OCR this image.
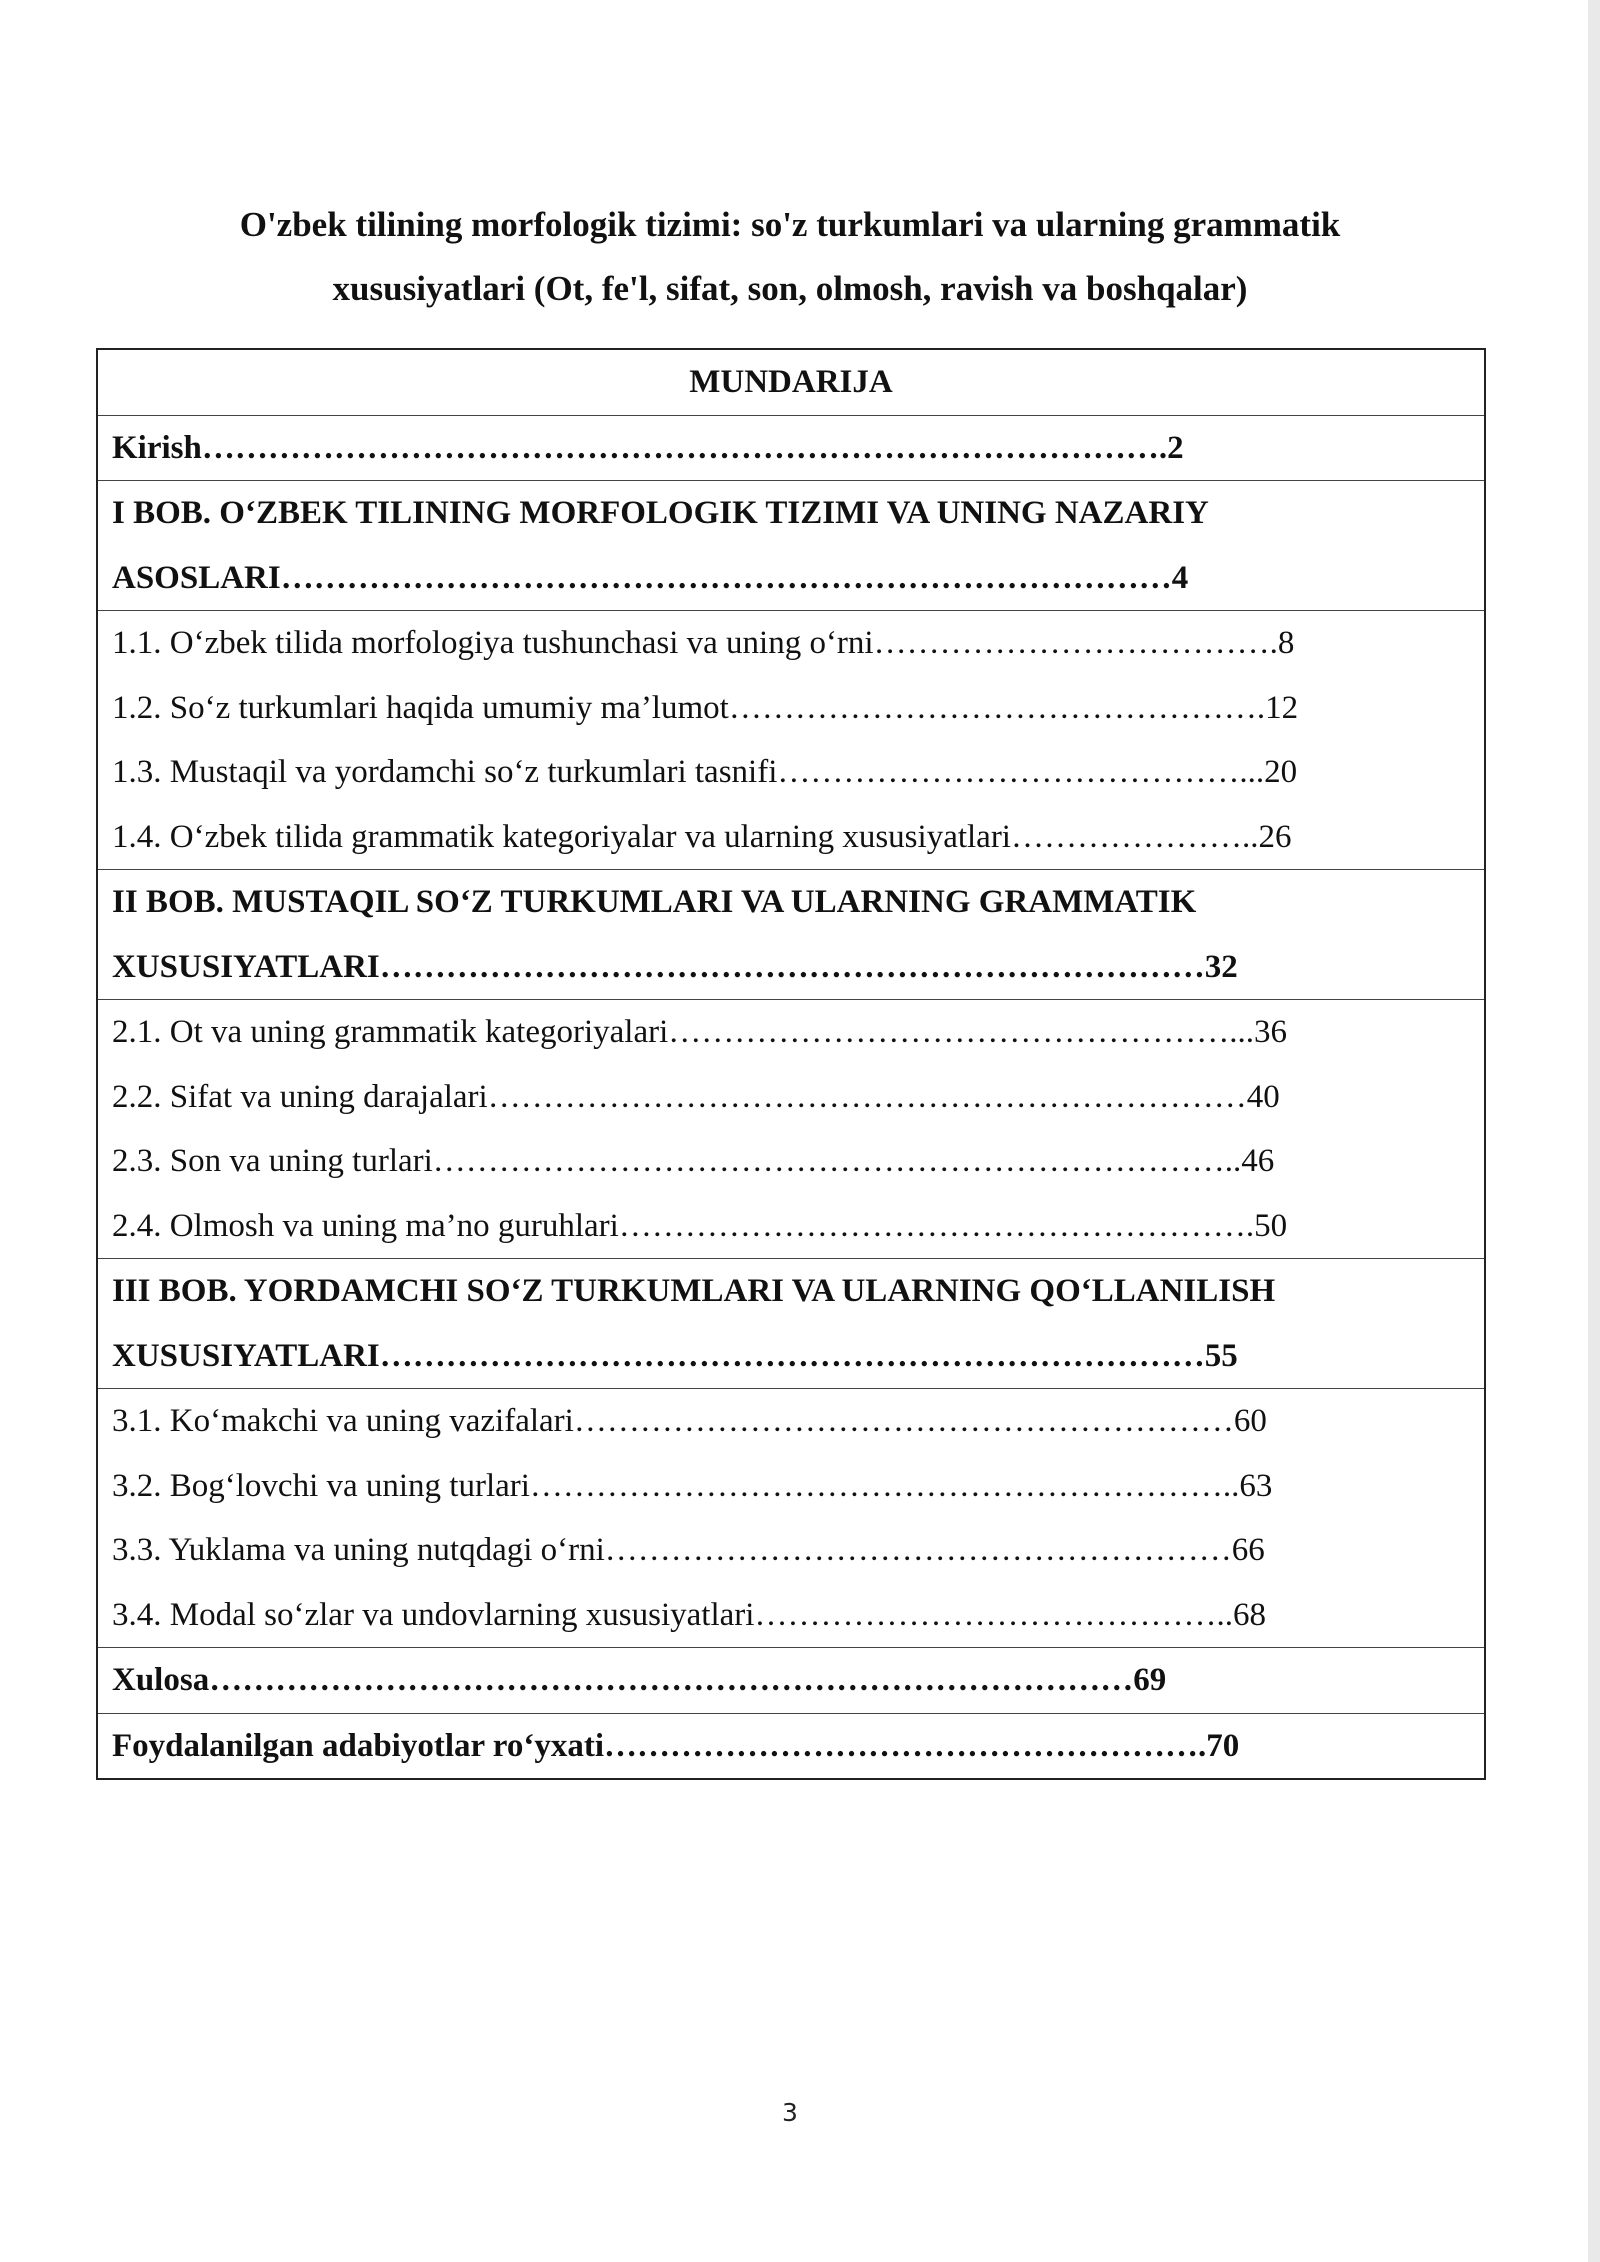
O'zbek tilining morfologik tizimi: so'z turkumlari va ularning grammatik
xususiyatlari (Ot, fe'l, sifat, son, olmosh, ravish va boshqalar)
MUNDARIJA
Kirish…………………………………………………………………………….2
I BOB. O‘ZBEK TILINING MORFOLOGIK TIZIMI VA UNING NAZARIY
ASOSLARI………………………………………………………………………4
1.1. O‘zbek tilida morfologiya tushunchasi va uning o‘rni……………………………….8
1.2. So‘z turkumlari haqida umumiy ma’lumot………………………………………….12
1.3. Mustaqil va yordamchi so‘z turkumlari tasnifi……………………………………...20
1.4. O‘zbek tilida grammatik kategoriyalar va ularning xususiyatlari…………………..26
II BOB. MUSTAQIL SO‘Z TURKUMLARI VA ULARNING GRAMMATIK
XUSUSIYATLARI…………………………………………………………………32
2.1. Ot va uning grammatik kategoriyalari……………………………………………...36
2.2. Sifat va uning darajalari……………………………………………………………40
2.3. Son va uning turlari………………………………………………………………..46
2.4. Olmosh va uning ma’no guruhlari………………………………………………….50
III BOB. YORDAMCHI SO‘Z TURKUMLARI VA ULARNING QO‘LLANILISH
XUSUSIYATLARI…………………………………………………………………55
3.1. Ko‘makchi va uning vazifalari……………………………………………………60
3.2. Bog‘lovchi va uning turlari………………………………………………………..63
3.3. Yuklama va uning nutqdagi o‘rni…………………………………………………66
3.4. Modal so‘zlar va undovlarning xususiyatlari……………………………………..68
Xulosa…………………………………………………………………………69
Foydalanilgan adabiyotlar ro‘yxati……………………………………………….70
3
